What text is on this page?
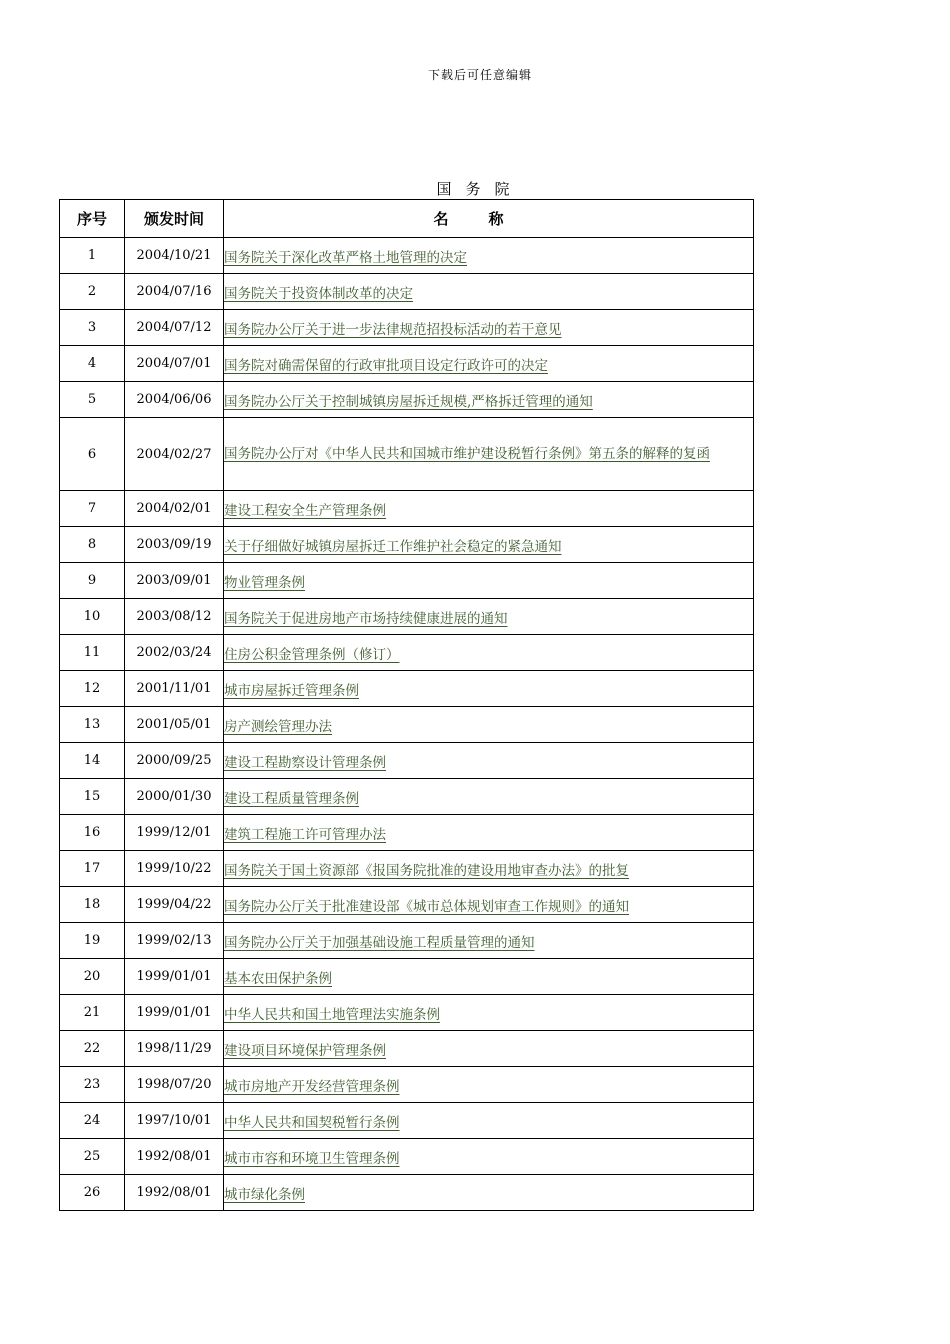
下载后可任意编辑
国务院
序号	颁发时间	名称
1	2004/10/21	国务院关于深化改革严格土地管理的决定
2	2004/07/16	国务院关于投资体制改革的决定
3	2004/07/12	国务院办公厅关于进一步法律规范招投标活动的若干意见
4	2004/07/01	国务院对确需保留的行政审批项目设定行政许可的决定
5	2004/06/06	国务院办公厅关于控制城镇房屋拆迁规模,严格拆迁管理的通知
6	2004/02/27	国务院办公厅对《中华人民共和国城市维护建设税暂行条例》第五条的解释的复函
7	2004/02/01	建设工程安全生产管理条例
8	2003/09/19	关于仔细做好城镇房屋拆迁工作维护社会稳定的紧急通知
9	2003/09/01	物业管理条例
10	2003/08/12	国务院关于促进房地产市场持续健康进展的通知
11	2002/03/24	住房公积金管理条例（修订）
12	2001/11/01	城市房屋拆迁管理条例
13	2001/05/01	房产测绘管理办法
14	2000/09/25	建设工程勘察设计管理条例
15	2000/01/30	建设工程质量管理条例
16	1999/12/01	建筑工程施工许可管理办法
17	1999/10/22	国务院关于国土资源部《报国务院批准的建设用地审查办法》的批复
18	1999/04/22	国务院办公厅关于批准建设部《城市总体规划审查工作规则》的通知
19	1999/02/13	国务院办公厅关于加强基础设施工程质量管理的通知
20	1999/01/01	基本农田保护条例
21	1999/01/01	中华人民共和国土地管理法实施条例
22	1998/11/29	建设项目环境保护管理条例
23	1998/07/20	城市房地产开发经营管理条例
24	1997/10/01	中华人民共和国契税暂行条例
25	1992/08/01	城市市容和环境卫生管理条例
26	1992/08/01	城市绿化条例
